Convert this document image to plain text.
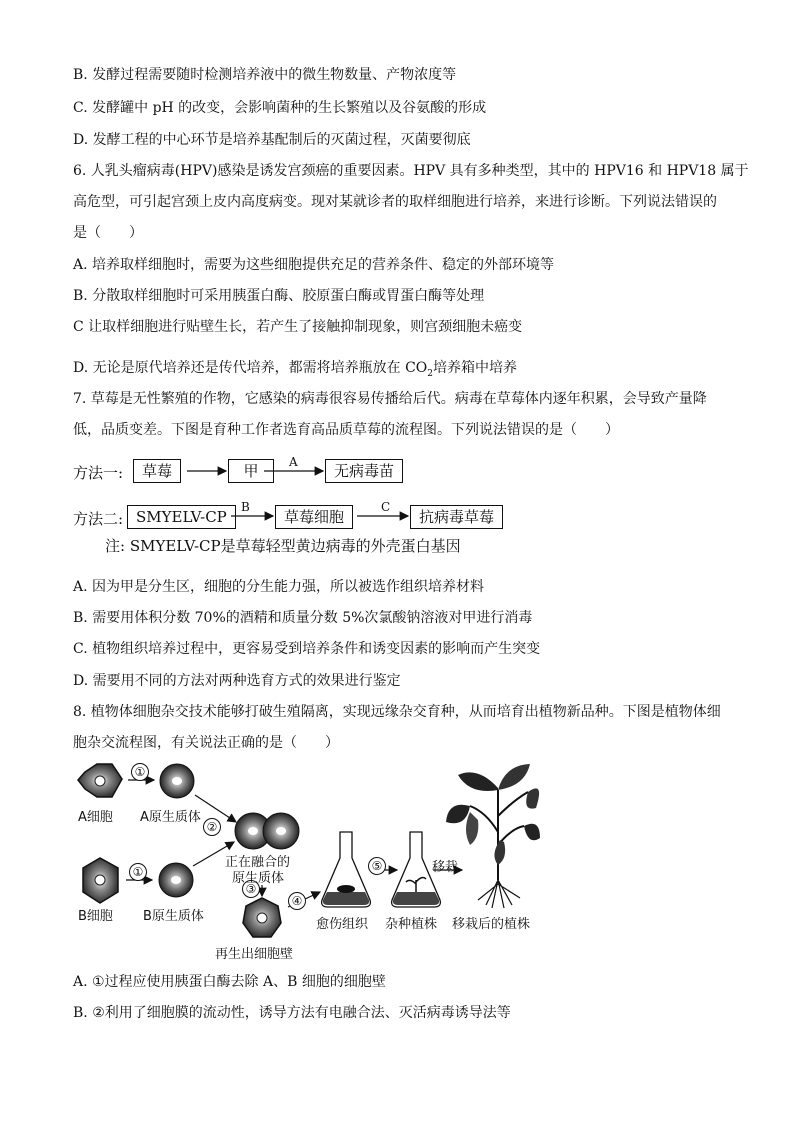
B. 发酵过程需要随时检测培养液中的微生物数量、产物浓度等
C. 发酵罐中 pH 的改变，会影响菌种的生长繁殖以及谷氨酸的形成
D. 发酵工程的中心环节是培养基配制后的灭菌过程，灭菌要彻底
6. 人乳头瘤病毒(HPV)感染是诱发宫颈癌的重要因素。HPV 具有多种类型，其中的 HPV16 和 HPV18 属于
高危型，可引起宫颈上皮内高度病变。现对某就诊者的取样细胞进行培养，来进行诊断。下列说法错误的
是（　　）
A. 培养取样细胞时，需要为这些细胞提供充足的营养条件、稳定的外部环境等
B. 分散取样细胞时可采用胰蛋白酶、胶原蛋白酶或胃蛋白酶等处理
C 让取样细胞进行贴壁生长，若产生了接触抑制现象，则宫颈细胞未癌变
D. 无论是原代培养还是传代培养，都需将培养瓶放在 $CO_2$培养箱中培养
7. 草莓是无性繁殖的作物，它感染的病毒很容易传播给后代。病毒在草莓体内逐年积累，会导致产量降
低，品质变差。下图是育种工作者选育高品质草莓的流程图。下列说法错误的是（　　）
方法一:	草莓	甲	A	无病毒苗
方法二: SMYELV-CP
B
草莓细胞
C
抗病毒草莓
注: SMYELV-CP是草莓轻型黄边病毒的外壳蛋白基因
A. 因为甲是分生区，细胞的分生能力强，所以被选作组织培养材料
B. 需要用体积分数 70%的酒精和质量分数 5%次氯酸钠溶液对甲进行消毒
C. 植物组织培养过程中，更容易受到培养条件和诱变因素的影响而产生突变
D. 需要用不同的方法对两种选育方式的效果进行鉴定
8. 植物体细胞杂交技术能够打破生殖隔离，实现远缘杂交育种，从而培育出植物新品种。下图是植物体细
胞杂交流程图，有关说法正确的是（　　）
①
①
②
③
④
⑤
A细胞 A原生质体
正在融合的
原生质体
B细胞 B原生质体
再生出细胞壁
愈伤组织 杂种植株
移栽
移栽后的植株
A. ①过程应使用胰蛋白酶去除 A、B 细胞的细胞壁
B. ②利用了细胞膜的流动性，诱导方法有电融合法、灭活病毒诱导法等
